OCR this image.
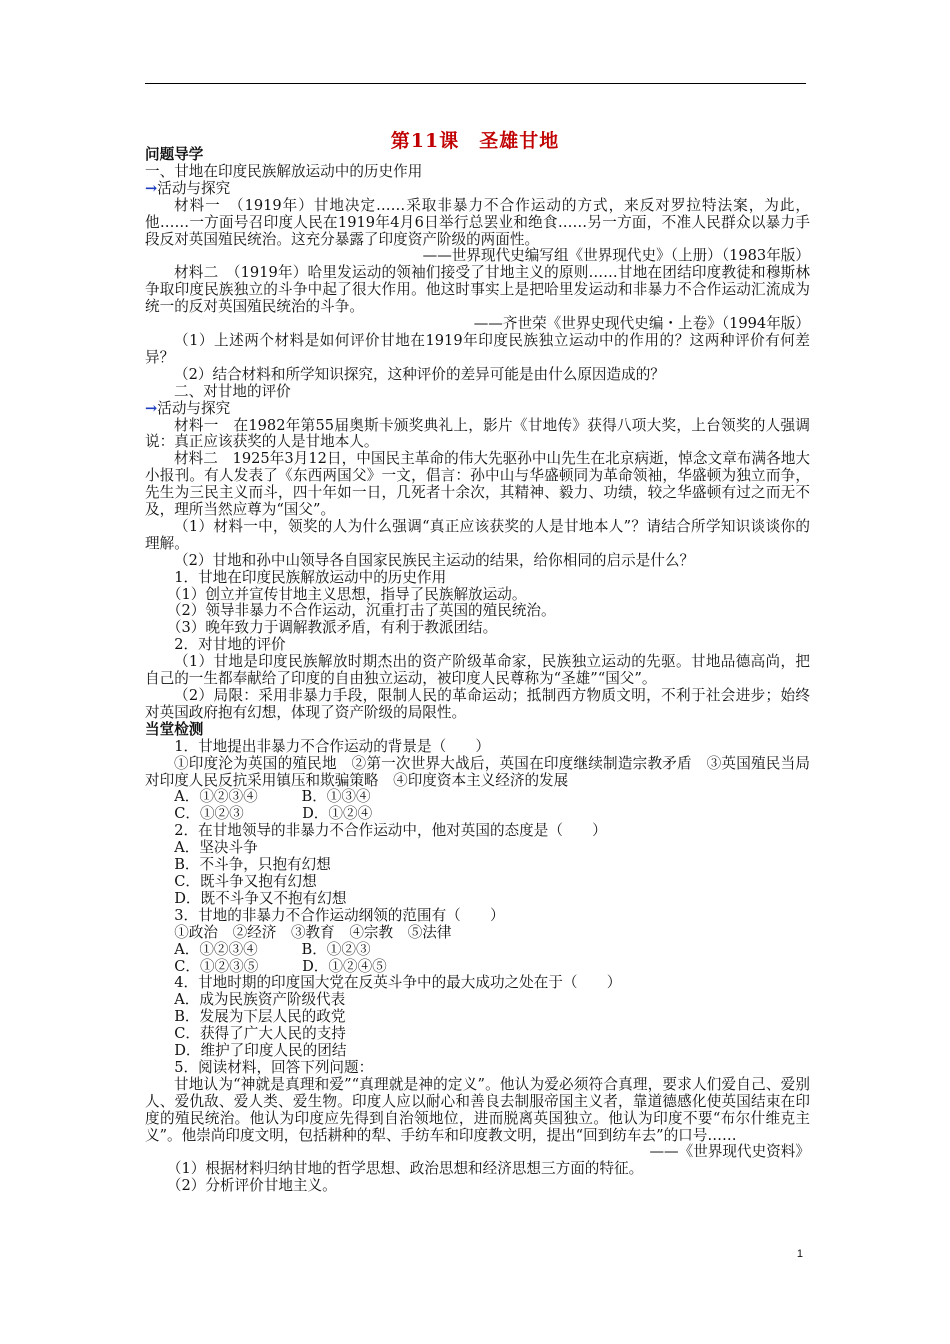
第11课　圣雄甘地

问题导学

一、甘地在印度民族解放运动中的历史作用

→活动与探究

材料一　（1919年）甘地决定……采取非暴力不合作运动的方式，来反对罗拉特法案，为此，他……一方面号召印度人民在1919年4月6日举行总罢业和绝食……另一方面，不准人民群众以暴力手段反对英国殖民统治。这充分暴露了印度资产阶级的两面性。

——世界现代史编写组《世界现代史》（上册）（1983年版）

材料二　（1919年）哈里发运动的领袖们接受了甘地主义的原则……甘地在团结印度教徒和穆斯林争取印度民族独立的斗争中起了很大作用。他这时事实上是把哈里发运动和非暴力不合作运动汇流成为统一的反对英国殖民统治的斗争。

——齐世荣《世界史现代史编・上卷》（1994年版）

（1）上述两个材料是如何评价甘地在1919年印度民族独立运动中的作用的？这两种评价有何差异？

（2）结合材料和所学知识探究，这种评价的差异可能是由什么原因造成的？

二、对甘地的评价

→活动与探究

材料一　在1982年第55届奥斯卡颁奖典礼上，影片《甘地传》获得八项大奖，上台领奖的人强调说：真正应该获奖的人是甘地本人。

材料二　1925年3月12日，中国民主革命的伟大先驱孙中山先生在北京病逝，悼念文章布满各地大小报刊。有人发表了《东西两国父》一文，倡言：孙中山与华盛顿同为革命领袖，华盛顿为独立而争，先生为三民主义而斗，四十年如一日，几死者十余次，其精神、毅力、功绩，较之华盛顿有过之而无不及，理所当然应尊为“国父”。

（1）材料一中，领奖的人为什么强调“真正应该获奖的人是甘地本人”？请结合所学知识谈谈你的理解。

（2）甘地和孙中山领导各自国家民族民主运动的结果，给你相同的启示是什么？

　　1．甘地在印度民族解放运动中的历史作用

　　（1）创立并宣传甘地主义思想，指导了民族解放运动。

　　（2）领导非暴力不合作运动，沉重打击了英国的殖民统治。

　　（3）晚年致力于调解教派矛盾，有利于教派团结。

　　2．对甘地的评价

（1）甘地是印度民族解放时期杰出的资产阶级革命家，民族独立运动的先驱。甘地品德高尚，把自己的一生都奉献给了印度的自由独立运动，被印度人民尊称为“圣雄”“国父”。

（2）局限：采用非暴力手段，限制人民的革命运动；抵制西方物质文明，不利于社会进步；始终对英国政府抱有幻想，体现了资产阶级的局限性。

当堂检测

　　1．甘地提出非暴力不合作运动的背景是（　　）

①印度沦为英国的殖民地　②第一次世界大战后，英国在印度继续制造宗教矛盾　③英国殖民当局对印度人民反抗采用镇压和欺骗策略　④印度资本主义经济的发展

　　A．①②③④　　　B．①③④

　　C．①②③　　　　D．①②④

　　2．在甘地领导的非暴力不合作运动中，他对英国的态度是（　　）

　　A．坚决斗争

　　B．不斗争，只抱有幻想

　　C．既斗争又抱有幻想

　　D．既不斗争又不抱有幻想

　　3．甘地的非暴力不合作运动纲领的范围有（　　）

　　①政治　②经济　③教育　④宗教　⑤法律

　　A．①②③④　　　B．①②③

　　C．①②③⑤　　　D．①②④⑤

　　4．甘地时期的印度国大党在反英斗争中的最大成功之处在于（　　）

　　A．成为民族资产阶级代表

　　B．发展为下层人民的政党

　　C．获得了广大人民的支持

　　D．维护了印度人民的团结

　　5．阅读材料，回答下列问题：

甘地认为“神就是真理和爱”“真理就是神的定义”。他认为爱必须符合真理，要求人们爱自己、爱别人、爱仇敌、爱人类、爱生物。印度人应以耐心和善良去制服帝国主义者，靠道德感化使英国结束在印度的殖民统治。他认为印度应先得到自治领地位，进而脱离英国独立。他认为印度不要“布尔什维克主义”。他崇尚印度文明，包括耕种的犁、手纺车和印度教文明，提出“回到纺车去”的口号……

——《世界现代史资料》

　　（1）根据材料归纳甘地的哲学思想、政治思想和经济思想三方面的特征。

　　（2）分析评价甘地主义。

1
